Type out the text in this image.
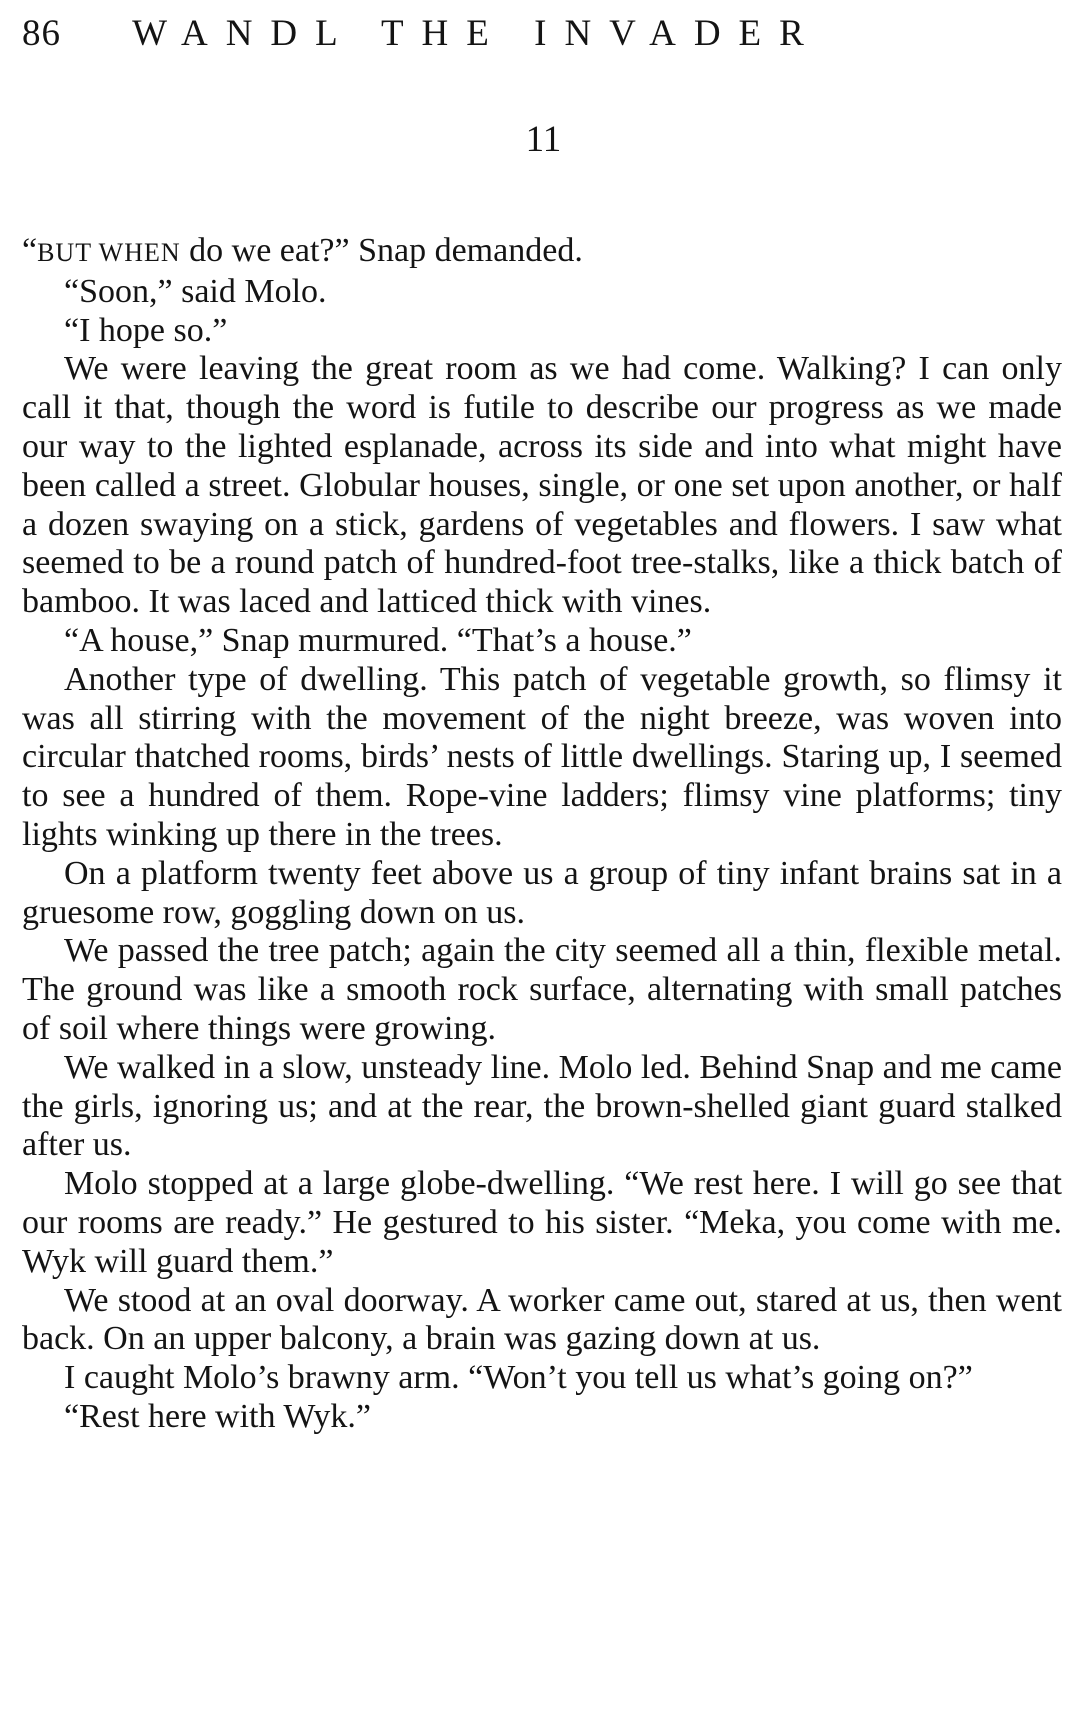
86	WANDL THE INVADER
11

“BUT WHEN do we eat?” Snap demanded.

“Soon,” said Molo.

“I hope so.”

We were leaving the great room as we had come. Walking? I can only call it that, though the word is futile to describe our progress as we made our way to the lighted esplanade, across its side and into what might have been called a street. Globular houses, single, or one set upon another, or half a dozen swaying on a stick, gardens of vegetables and flowers. I saw what seemed to be a round patch of hundred-foot tree-stalks, like a thick batch of bamboo. It was laced and latticed thick with vines.

“A house,” Snap murmured. “That’s a house.”

Another type of dwelling. This patch of vegetable growth, so flimsy it was all stirring with the movement of the night breeze, was woven into circular thatched rooms, birds’ nests of little dwellings. Staring up, I seemed to see a hundred of them. Rope-vine ladders; flimsy vine platforms; tiny lights winking up there in the trees.

On a platform twenty feet above us a group of tiny infant brains sat in a gruesome row, goggling down on us.

We passed the tree patch; again the city seemed all a thin, flexible metal. The ground was like a smooth rock surface, alternating with small patches of soil where things were growing.

We walked in a slow, unsteady line. Molo led. Behind Snap and me came the girls, ignoring us; and at the rear, the brown-shelled giant guard stalked after us.

Molo stopped at a large globe-dwelling. “We rest here. I will go see that our rooms are ready.” He gestured to his sister. “Meka, you come with me. Wyk will guard them.”

We stood at an oval doorway. A worker came out, stared at us, then went back. On an upper balcony, a brain was gazing down at us.

I caught Molo’s brawny arm. “Won’t you tell us what’s going on?”

“Rest here with Wyk.”
